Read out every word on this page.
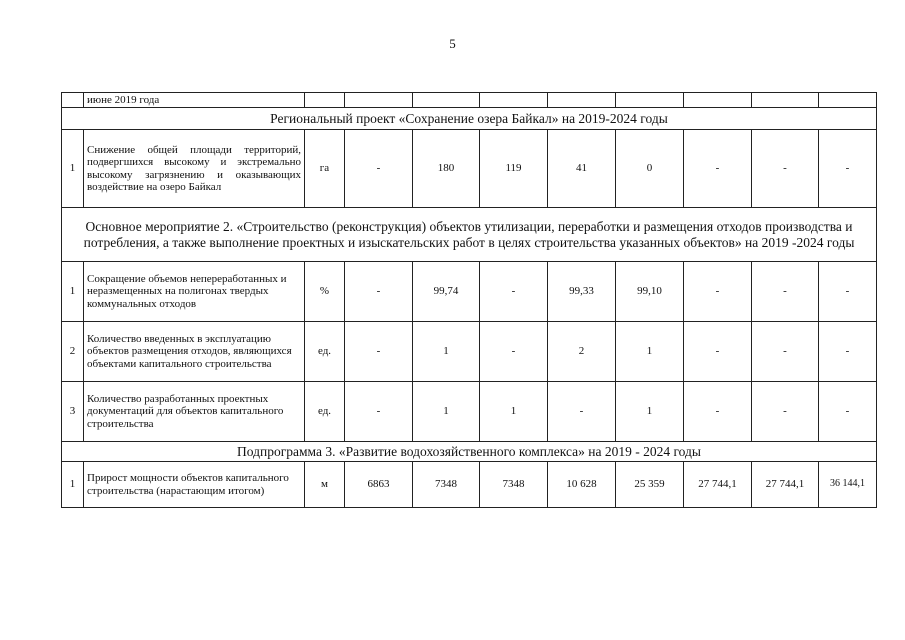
5
	июне 2019 года									
Региональный проект «Сохранение озера Байкал» на 2019-2024 годы										
1	Снижение общей площади территорий, подвергшихся высокому и экстремально высокому загрязнению и оказывающих воздействие на озеро Байкал	га	-	180	119	41	0	-	-	-
Основное мероприятие 2. «Строительство (реконструкция) объектов утилизации, переработки и размещения отходов производства и потребления, а также выполнение проектных и изыскательских работ в целях строительства указанных объектов» на 2019 -2024 годы										
1	Сокращение объемов непереработанных и неразмещенных на полигонах твердых коммунальных отходов	%	-	99,74	-	99,33	99,10	-	-	-
2	Количество введенных в эксплуатацию объектов размещения отходов, являющихся объектами капитального строительства	ед.	-	1	-	2	1	-	-	-
3	Количество разработанных проектных документаций для объектов капитального строительства	ед.	-	1	1	-	1	-	-	-
Подпрограмма 3. «Развитие водохозяйственного комплекса» на 2019 - 2024 годы										
1	Прирост мощности объектов капитального строительства (нарастающим итогом)	м	6863	7348	7348	10 628	25 359	27 744,1	27 744,1	36 144,1
